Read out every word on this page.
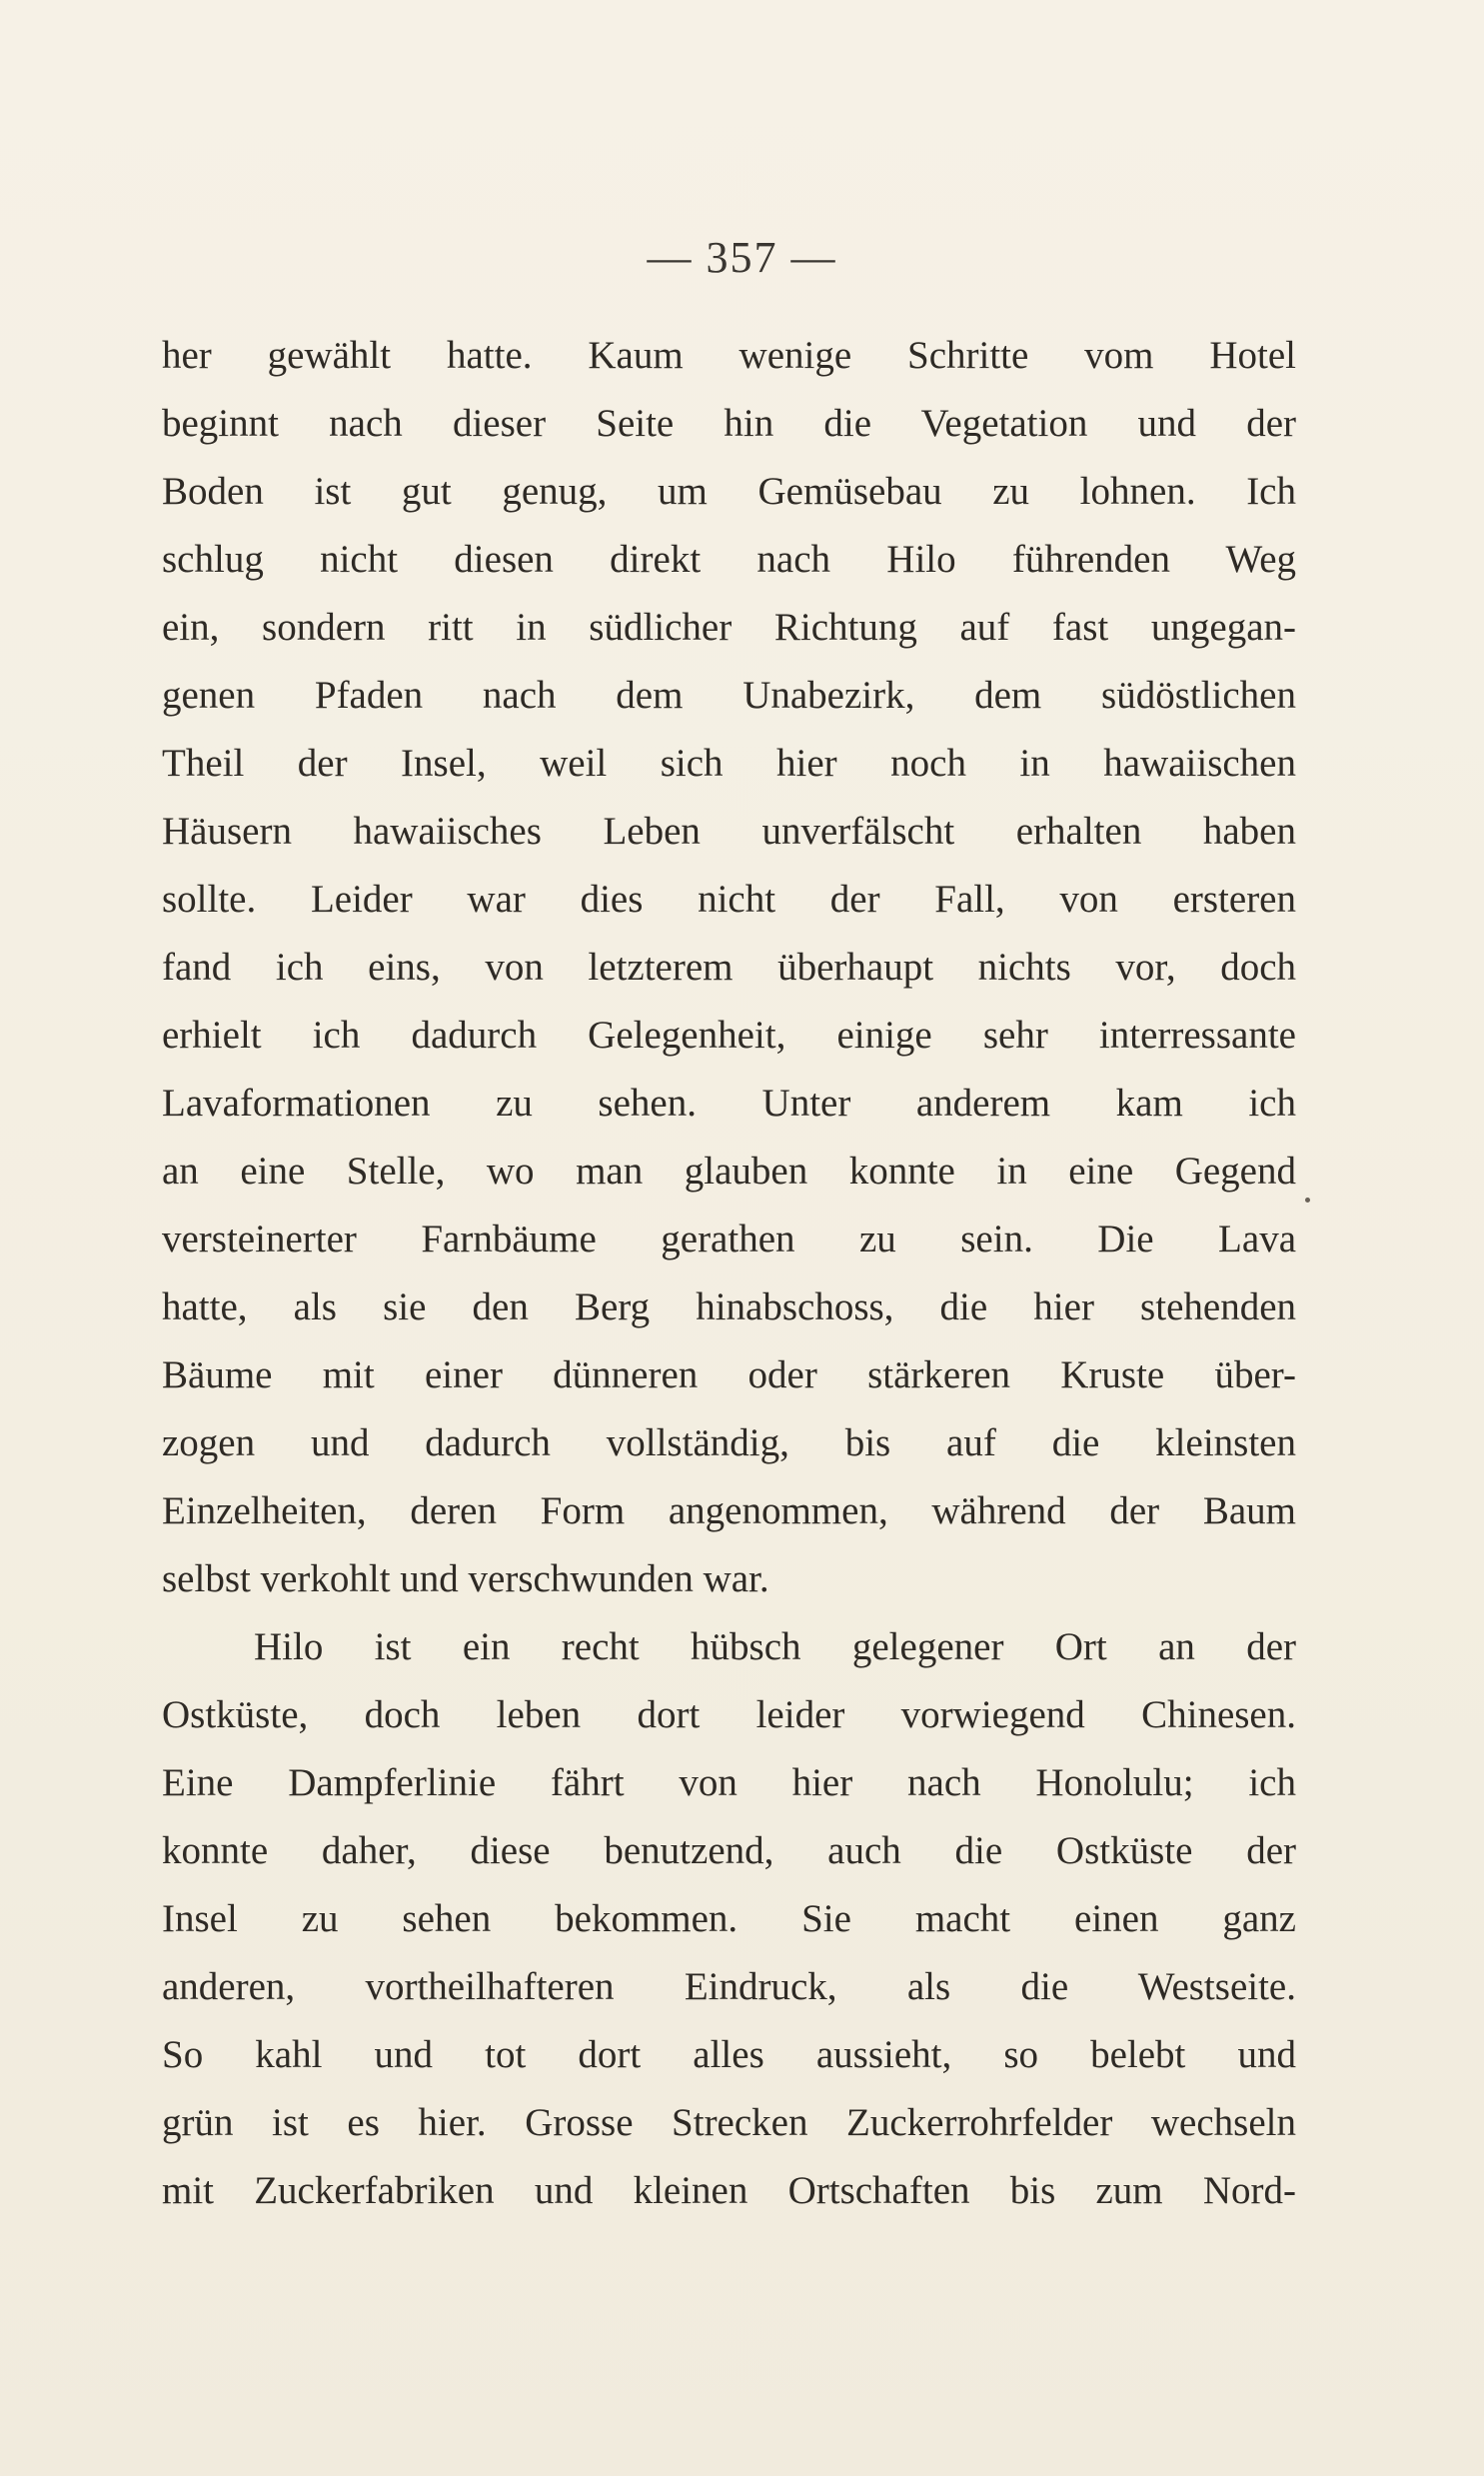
— 357 —
her gewählt hatte. Kaum wenige Schritte vom Hotel
beginnt nach dieser Seite hin die Vegetation und der
Boden ist gut genug, um Gemüsebau zu lohnen. Ich
schlug nicht diesen direkt nach Hilo führenden Weg
ein, sondern ritt in südlicher Richtung auf fast ungegan-
genen Pfaden nach dem Unabezirk, dem südöstlichen
Theil der Insel, weil sich hier noch in hawaiischen
Häusern hawaiisches Leben unverfälscht erhalten haben
sollte. Leider war dies nicht der Fall, von ersteren
fand ich eins, von letzterem überhaupt nichts vor, doch
erhielt ich dadurch Gelegenheit, einige sehr interressante
Lavaformationen zu sehen. Unter anderem kam ich
an eine Stelle, wo man glauben konnte in eine Gegend
versteinerter Farnbäume gerathen zu sein. Die Lava
hatte, als sie den Berg hinabschoss, die hier stehenden
Bäume mit einer dünneren oder stärkeren Kruste über-
zogen und dadurch vollständig, bis auf die kleinsten
Einzelheiten, deren Form angenommen, während der Baum
selbst verkohlt und verschwunden war.
Hilo ist ein recht hübsch gelegener Ort an der
Ostküste, doch leben dort leider vorwiegend Chinesen.
Eine Dampferlinie fährt von hier nach Honolulu; ich
konnte daher, diese benutzend, auch die Ostküste der
Insel zu sehen bekommen. Sie macht einen ganz
anderen, vortheilhafteren Eindruck, als die Westseite.
So kahl und tot dort alles aussieht, so belebt und
grün ist es hier. Grosse Strecken Zuckerrohrfelder wechseln
mit Zuckerfabriken und kleinen Ortschaften bis zum Nord-
